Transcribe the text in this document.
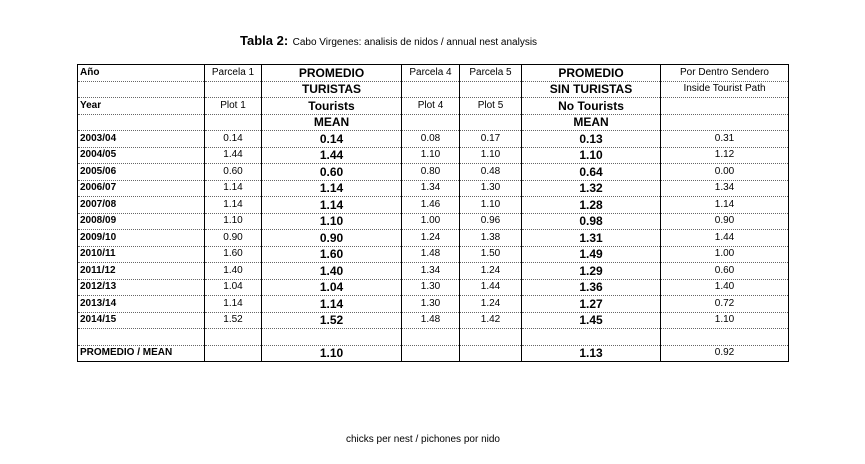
Tabla 2: Cabo Virgenes: analisis de nidos / annual nest analysis
Año	Parcela 1	PROMEDIO	Parcela 4	Parcela 5	PROMEDIO	Por Dentro Sendero
		TURISTAS			SIN TURISTAS	Inside Tourist Path
Year	Plot 1	Tourists	Plot 4	Plot 5	No Tourists	
		MEAN			MEAN	
2003/04	0.14	0.14	0.08	0.17	0.13	0.31
2004/05	1.44	1.44	1.10	1.10	1.10	1.12
2005/06	0.60	0.60	0.80	0.48	0.64	0.00
2006/07	1.14	1.14	1.34	1.30	1.32	1.34
2007/08	1.14	1.14	1.46	1.10	1.28	1.14
2008/09	1.10	1.10	1.00	0.96	0.98	0.90
2009/10	0.90	0.90	1.24	1.38	1.31	1.44
2010/11	1.60	1.60	1.48	1.50	1.49	1.00
2011/12	1.40	1.40	1.34	1.24	1.29	0.60
2012/13	1.04	1.04	1.30	1.44	1.36	1.40
2013/14	1.14	1.14	1.30	1.24	1.27	0.72
2014/15	1.52	1.52	1.48	1.42	1.45	1.10

PROMEDIO / MEAN		1.10			1.13	0.92
chicks per nest / pichones por nido
